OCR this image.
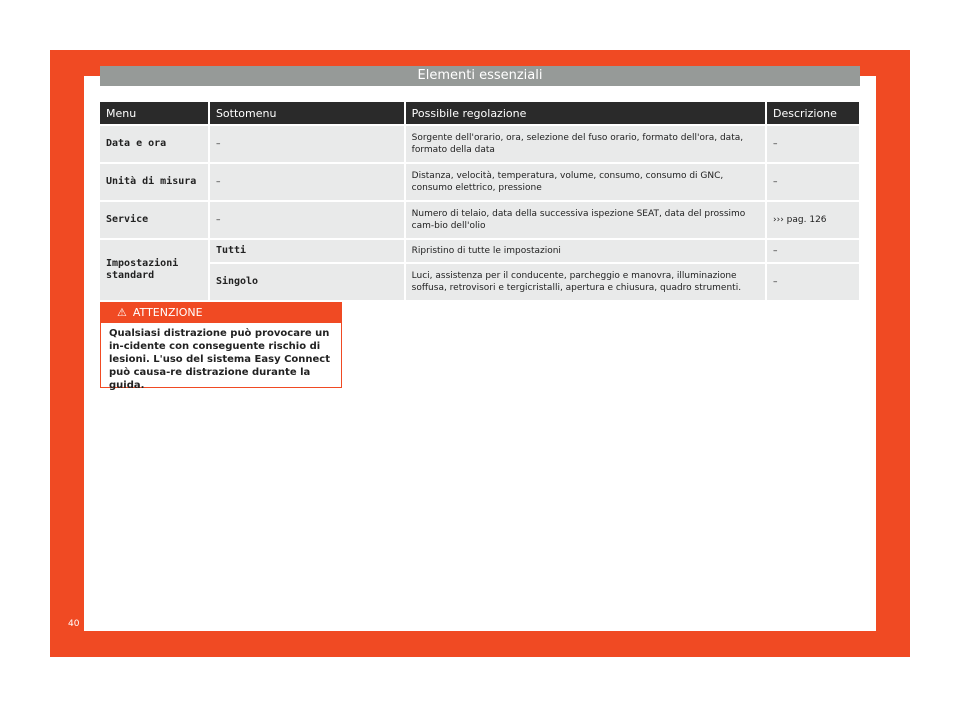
Elementi essenziali
Menu	Sottomenu	Possibile regolazione	Descrizione
Data e ora	–	Sorgente dell'orario, ora, selezione del fuso orario, formato dell'ora, data, formato della data	–
Unità di misura	–	Distanza, velocità, temperatura, volume, consumo, consumo di GNC, consumo elettrico, pressione	–
Service	–	Numero di telaio, data della successiva ispezione SEAT, data del prossimo cam-bio dell'olio	››› pag. 126
Impostazioni standard	Tutti	Ripristino di tutte le impostazioni	–
	Singolo	Luci, assistenza per il conducente, parcheggio e manovra, illuminazione soffusa, retrovisori e tergicristalli, apertura e chiusura, quadro strumenti.	–
⚠ ATTENZIONE
Qualsiasi distrazione può provocare un in-cidente con conseguente rischio di lesioni. L'uso del sistema Easy Connect può causa-re distrazione durante la guida.
40
